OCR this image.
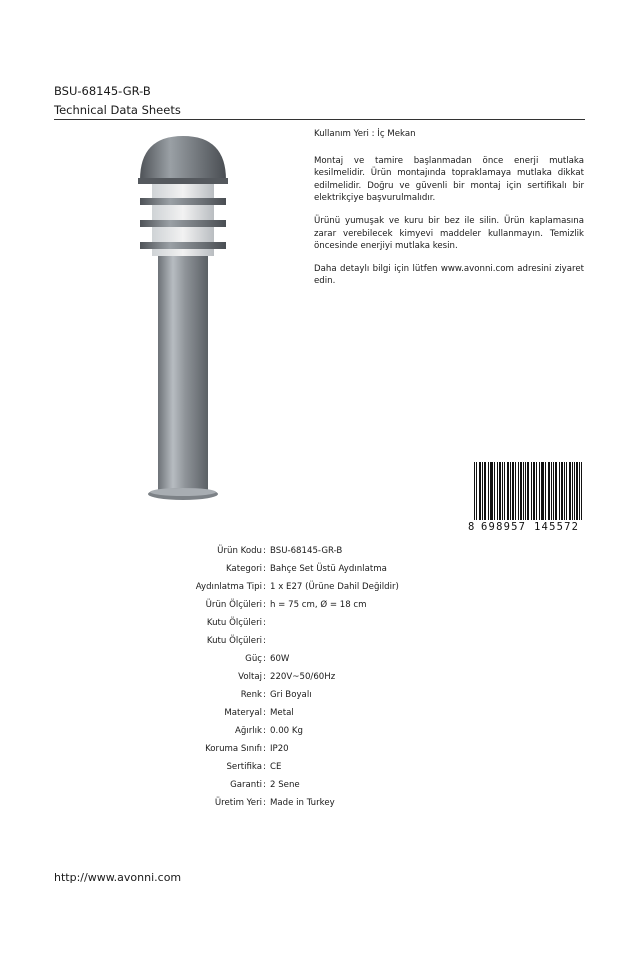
BSU-68145-GR-B
Technical Data Sheets
Kullanım Yeri : İç Mekan
Montaj ve tamire başlanmadan önce enerji mutlaka kesilmelidir. Ürün montajında topraklamaya mutlaka dikkat edilmelidir. Doğru ve güvenli bir montaj için sertifikalı bir elektrikçiye başvurulmalıdır.
Ürünü yumuşak ve kuru bir bez ile silin. Ürün kaplamasına zarar verebilecek kimyevi maddeler kullanmayın. Temizlik öncesinde enerjiyi mutlaka kesin.
Daha detaylı bilgi için lütfen www.avonni.com adresini ziyaret edin.
8 698957 145572
Ürün Kodu : BSU-68145-GR-B
Kategori : Bahçe Set Üstü Aydınlatma
Aydınlatma Tipi : 1 x E27 (Ürüne Dahil Değildir)
Ürün Ölçüleri : h = 75 cm, Ø = 18 cm
Kutu Ölçüleri :
Kutu Ölçüleri :
Güç : 60W
Voltaj : 220V~50/60Hz
Renk : Gri Boyalı
Materyal : Metal
Ağırlık : 0.00 Kg
Koruma Sınıfı : IP20
Sertifika : CE
Garanti : 2 Sene
Üretim Yeri : Made in Turkey
http://www.avonni.com
